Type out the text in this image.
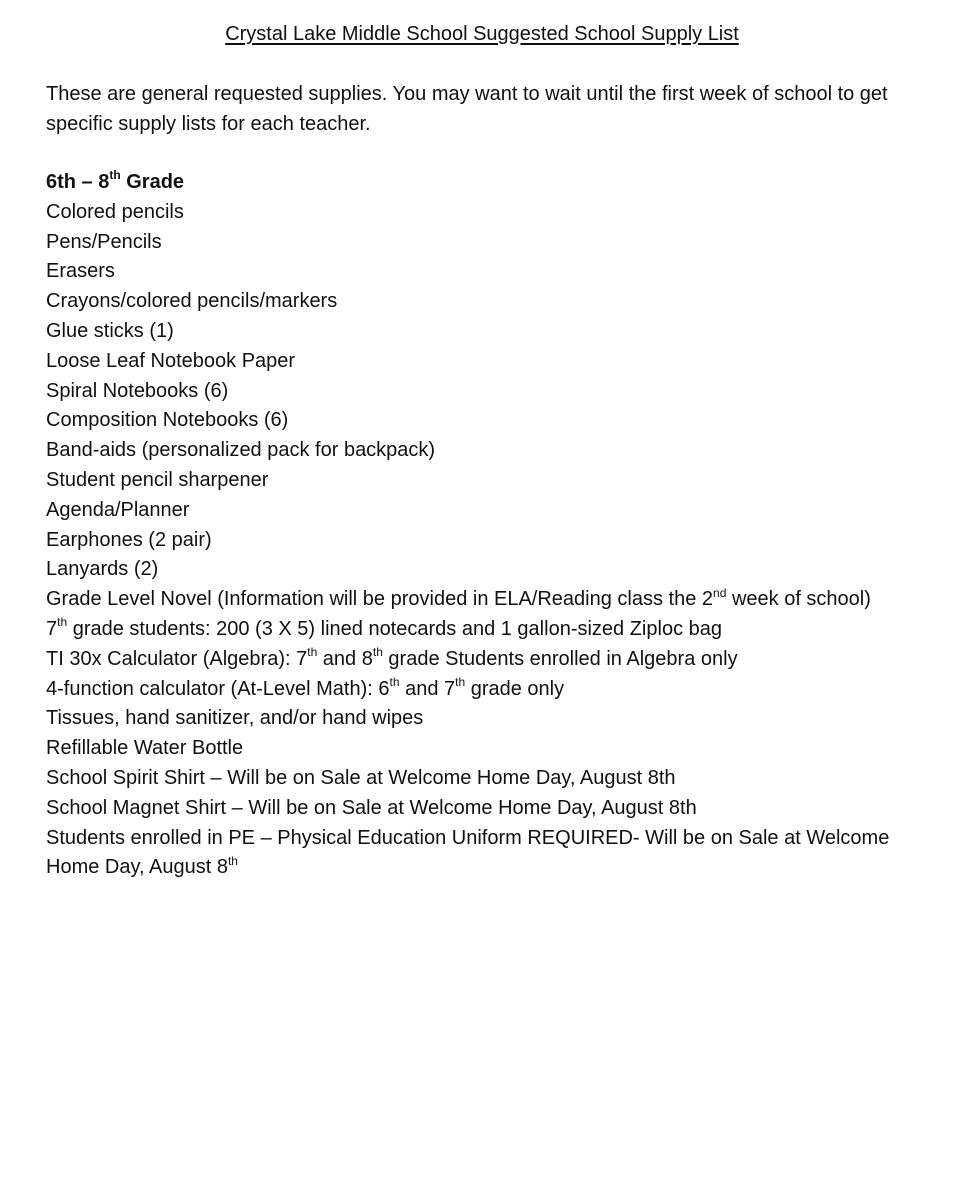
Crystal Lake Middle School Suggested School Supply List

These are general requested supplies. You may want to wait until the first week of school to get specific supply lists for each teacher.

6th – 8th Grade
Colored pencils
Pens/Pencils
Erasers
Crayons/colored pencils/markers
Glue sticks (1)
Loose Leaf Notebook Paper
Spiral Notebooks (6)
Composition Notebooks (6)
Band-aids (personalized pack for backpack)
Student pencil sharpener
Agenda/Planner
Earphones (2 pair)
Lanyards (2)
Grade Level Novel (Information will be provided in ELA/Reading class the 2nd week of school)
7th grade students: 200 (3 X 5) lined notecards and 1 gallon-sized Ziploc bag
TI 30x Calculator (Algebra): 7th and 8th grade Students enrolled in Algebra only
4-function calculator (At-Level Math): 6th and 7th grade only
Tissues, hand sanitizer, and/or hand wipes
Refillable Water Bottle
School Spirit Shirt – Will be on Sale at Welcome Home Day, August 8th
School Magnet Shirt – Will be on Sale at Welcome Home Day, August 8th
Students enrolled in PE – Physical Education Uniform REQUIRED- Will be on Sale at Welcome Home Day, August 8th
